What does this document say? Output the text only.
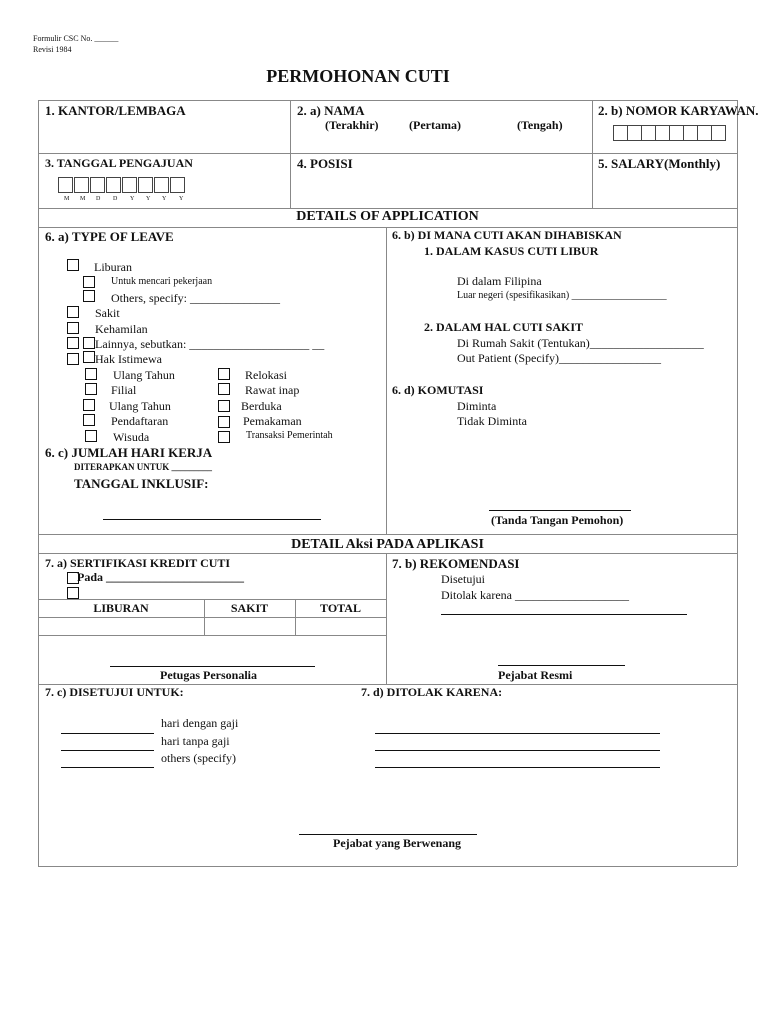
Formulir CSC No. ______
Revisi 1984
PERMOHONAN CUTI
1. KANTOR/LEMBAGA	2. a) NAMA
(Terakhir)	(Pertama)	(Tengah)
2. b) NOMOR KARYAWAN.
3. TANGGAL PENGAJUAN
M M D D Y Y Y Y
4. POSISI	5. SALARY(Monthly)
DETAILS OF APPLICATION
6. a) TYPE OF LEAVE
Liburan
Untuk mencari pekerjaan
Others, specify: _______________
Sakit
Kehamilan
Lainnya, sebutkan: ____________________ __
Hak Istimewa
Ulang Tahun	Relokasi
Filial	Rawat inap
Ulang Tahun	Berduka
Pendaftaran	Pemakaman
Wisuda	Transaksi Pemerintah
6. c) JUMLAH HARI KERJA
DITERAPKAN UNTUK _________
TANGGAL INKLUSIF:
6. b) DI MANA CUTI AKAN DIHABISKAN
1. DALAM KASUS CUTI LIBUR
Di dalam Filipina
Luar negeri (spesifikasikan) ___________________
2. DALAM HAL CUTI SAKIT
Di Rumah Sakit (Tentukan)___________________
Out Patient (Specify)_________________
6. d) KOMUTASI
Diminta
Tidak Diminta
(Tanda Tangan Pemohon)
DETAIL Aksi PADA APLIKASI
7. a) SERTIFIKASI KREDIT CUTI
Pada _______________________
LIBURAN	SAKIT	TOTAL
Petugas Personalia
7. b) REKOMENDASI
Disetujui
Ditolak karena ___________________
Pejabat Resmi
7. c) DISETUJUI UNTUK:
hari dengan gaji
hari tanpa gaji
others (specify)
7. d) DITOLAK KARENA:
Pejabat yang Berwenang
